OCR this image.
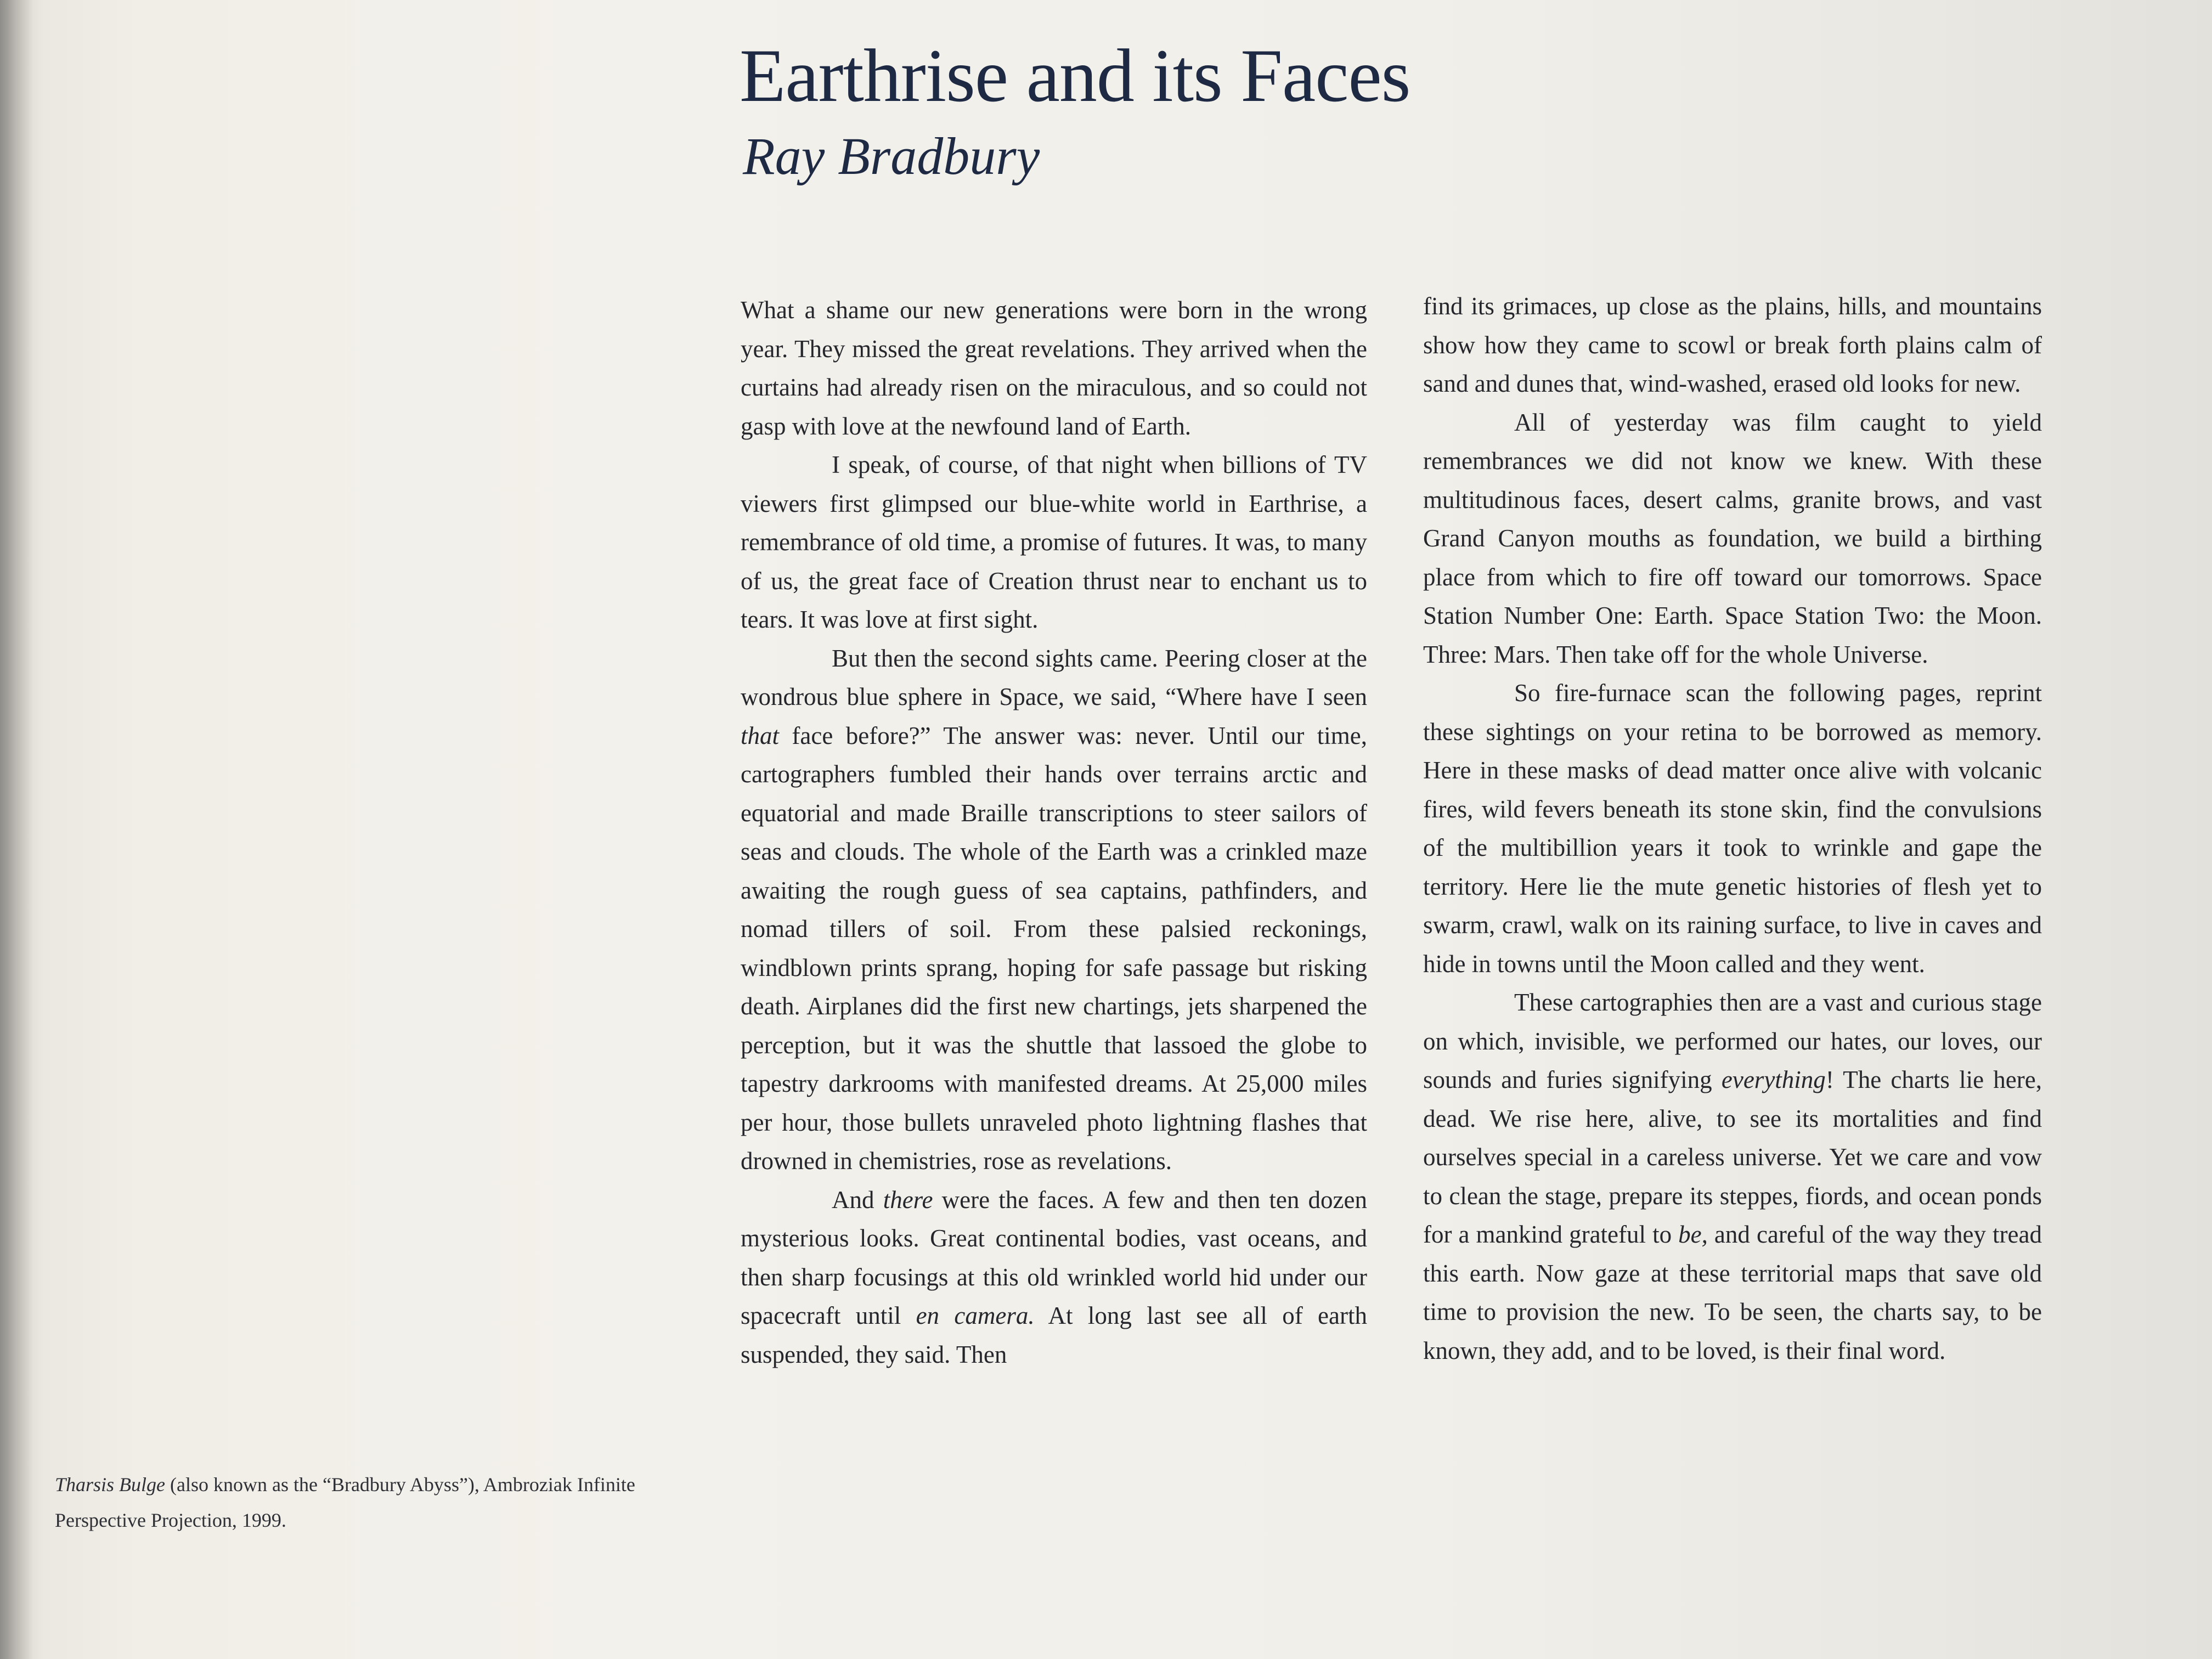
Earthrise and its Faces
Ray Bradbury

What a shame our new generations were born in the wrong year. They missed the great revelations. They arrived when the curtains had already risen on the miraculous, and so could not gasp with love at the newfound land of Earth.

I speak, of course, of that night when billions of TV viewers first glimpsed our blue-white world in Earthrise, a remembrance of old time, a promise of futures. It was, to many of us, the great face of Creation thrust near to enchant us to tears. It was love at first sight.

But then the second sights came. Peering closer at the wondrous blue sphere in Space, we said, “Where have I seen that face before?” The answer was: never. Until our time, cartographers fumbled their hands over terrains arctic and equatorial and made Braille transcriptions to steer sailors of seas and clouds. The whole of the Earth was a crinkled maze awaiting the rough guess of sea captains, pathfinders, and nomad tillers of soil. From these palsied reckonings, windblown prints sprang, hoping for safe passage but risking death. Airplanes did the first new chartings, jets sharpened the perception, but it was the shuttle that lassoed the globe to tapestry darkrooms with manifested dreams. At 25,000 miles per hour, those bullets unraveled photo lightning flashes that drowned in chemistries, rose as revelations.

And there were the faces. A few and then ten dozen mysterious looks. Great continental bodies, vast oceans, and then sharp focusings at this old wrinkled world hid under our spacecraft until en camera. At long last see all of earth suspended, they said. Then

find its grimaces, up close as the plains, hills, and mountains show how they came to scowl or break forth plains calm of sand and dunes that, wind-washed, erased old looks for new.

All of yesterday was film caught to yield remembrances we did not know we knew. With these multitudinous faces, desert calms, granite brows, and vast Grand Canyon mouths as foundation, we build a birthing place from which to fire off toward our tomorrows. Space Station Number One: Earth. Space Station Two: the Moon. Three: Mars. Then take off for the whole Universe.

So fire-furnace scan the following pages, reprint these sightings on your retina to be borrowed as memory. Here in these masks of dead matter once alive with volcanic fires, wild fevers beneath its stone skin, find the convulsions of the multibillion years it took to wrinkle and gape the territory. Here lie the mute genetic histories of flesh yet to swarm, crawl, walk on its raining surface, to live in caves and hide in towns until the Moon called and they went.

These cartographies then are a vast and curious stage on which, invisible, we performed our hates, our loves, our sounds and furies signifying everything! The charts lie here, dead. We rise here, alive, to see its mortalities and find ourselves special in a careless universe. Yet we care and vow to clean the stage, prepare its steppes, fiords, and ocean ponds for a mankind grateful to be, and careful of the way they tread this earth. Now gaze at these territorial maps that save old time to provision the new. To be seen, the charts say, to be known, they add, and to be loved, is their final word.

Tharsis Bulge (also known as the “Bradbury Abyss”), Ambroziak Infinite Perspective Projection, 1999.
